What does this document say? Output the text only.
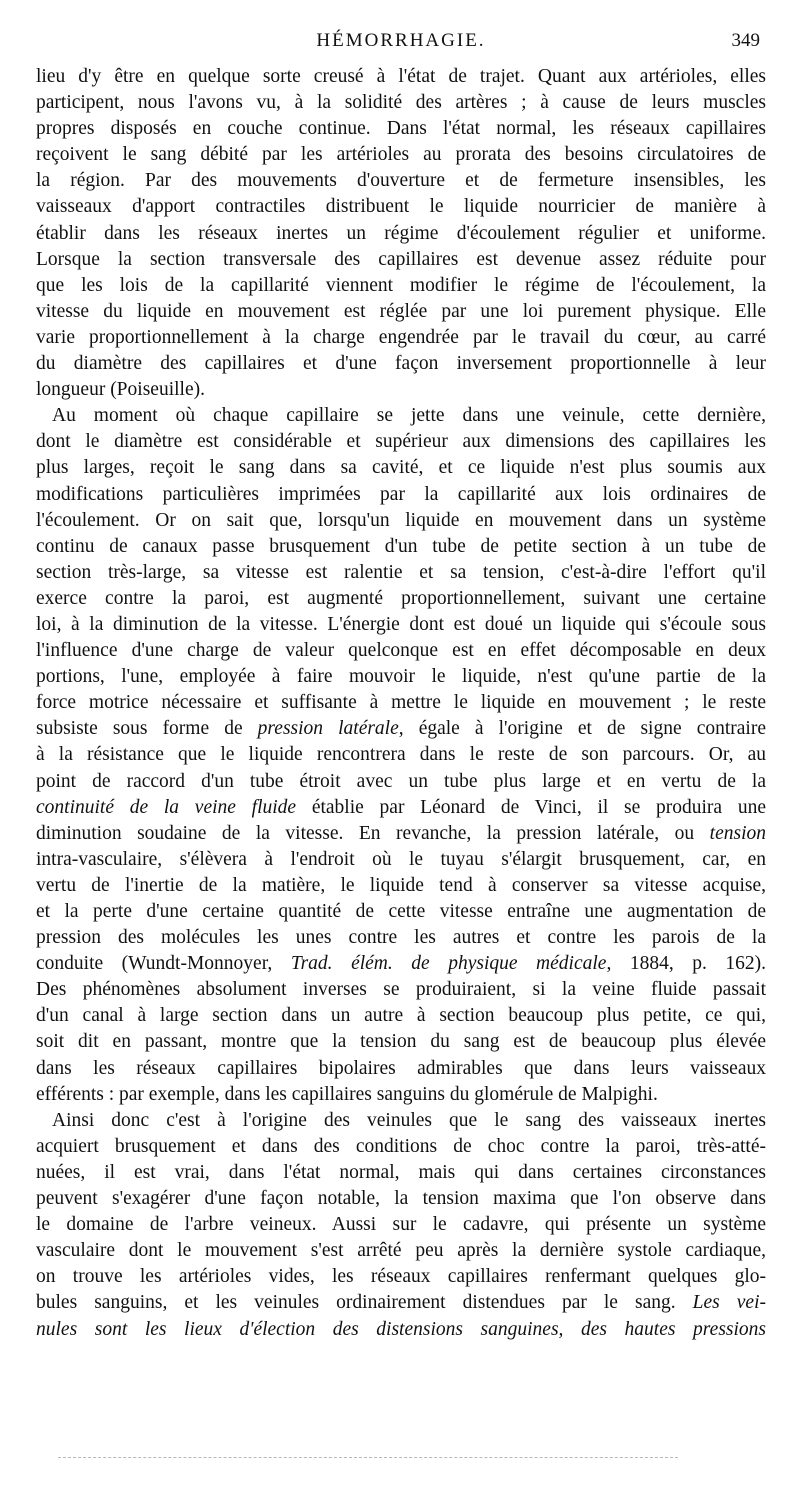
HÉMORRHAGIE.	349
lieu d'y être en quelque sorte creusé à l'état de trajet. Quant aux artérioles, elles
participent, nous l'avons vu, à la solidité des artères ; à cause de leurs muscles
propres disposés en couche continue. Dans l'état normal, les réseaux capillaires
reçoivent le sang débité par les artérioles au prorata des besoins circulatoires de
la région. Par des mouvements d'ouverture et de fermeture insensibles, les
vaisseaux d'apport contractiles distribuent le liquide nourricier de manière à
établir dans les réseaux inertes un régime d'écoulement régulier et uniforme.
Lorsque la section transversale des capillaires est devenue assez réduite pour
que les lois de la capillarité viennent modifier le régime de l'écoulement, la
vitesse du liquide en mouvement est réglée par une loi purement physique. Elle
varie proportionnellement à la charge engendrée par le travail du cœur, au carré
du diamètre des capillaires et d'une façon inversement proportionnelle à leur
longueur (Poiseuille).
Au moment où chaque capillaire se jette dans une veinule, cette dernière,
dont le diamètre est considérable et supérieur aux dimensions des capillaires les
plus larges, reçoit le sang dans sa cavité, et ce liquide n'est plus soumis aux
modifications particulières imprimées par la capillarité aux lois ordinaires de
l'écoulement. Or on sait que, lorsqu'un liquide en mouvement dans un système
continu de canaux passe brusquement d'un tube de petite section à un tube de
section très-large, sa vitesse est ralentie et sa tension, c'est-à-dire l'effort qu'il
exerce contre la paroi, est augmenté proportionnellement, suivant une certaine
loi, à la diminution de la vitesse. L'énergie dont est doué un liquide qui s'écoule sous
l'influence d'une charge de valeur quelconque est en effet décomposable en deux
portions, l'une, employée à faire mouvoir le liquide, n'est qu'une partie de la
force motrice nécessaire et suffisante à mettre le liquide en mouvement ; le reste
subsiste sous forme de pression latérale, égale à l'origine et de signe contraire
à la résistance que le liquide rencontrera dans le reste de son parcours. Or, au
point de raccord d'un tube étroit avec un tube plus large et en vertu de la
continuité de la veine fluide établie par Léonard de Vinci, il se produira une
diminution soudaine de la vitesse. En revanche, la pression latérale, ou tension
intra-vasculaire, s'élèvera à l'endroit où le tuyau s'élargit brusquement, car, en
vertu de l'inertie de la matière, le liquide tend à conserver sa vitesse acquise,
et la perte d'une certaine quantité de cette vitesse entraîne une augmentation de
pression des molécules les unes contre les autres et contre les parois de la
conduite (Wundt-Monnoyer, Trad. élém. de physique médicale, 1884, p. 162).
Des phénomènes absolument inverses se produiraient, si la veine fluide passait
d'un canal à large section dans un autre à section beaucoup plus petite, ce qui,
soit dit en passant, montre que la tension du sang est de beaucoup plus élevée
dans les réseaux capillaires bipolaires admirables que dans leurs vaisseaux
efférents : par exemple, dans les capillaires sanguins du glomérule de Malpighi.
Ainsi donc c'est à l'origine des veinules que le sang des vaisseaux inertes
acquiert brusquement et dans des conditions de choc contre la paroi, très-atté-
nuées, il est vrai, dans l'état normal, mais qui dans certaines circonstances
peuvent s'exagérer d'une façon notable, la tension maxima que l'on observe dans
le domaine de l'arbre veineux. Aussi sur le cadavre, qui présente un système
vasculaire dont le mouvement s'est arrêté peu après la dernière systole cardiaque,
on trouve les artérioles vides, les réseaux capillaires renfermant quelques glo-
bules sanguins, et les veinules ordinairement distendues par le sang. Les vei-
nules sont les lieux d'élection des distensions sanguines, des hautes pressions
